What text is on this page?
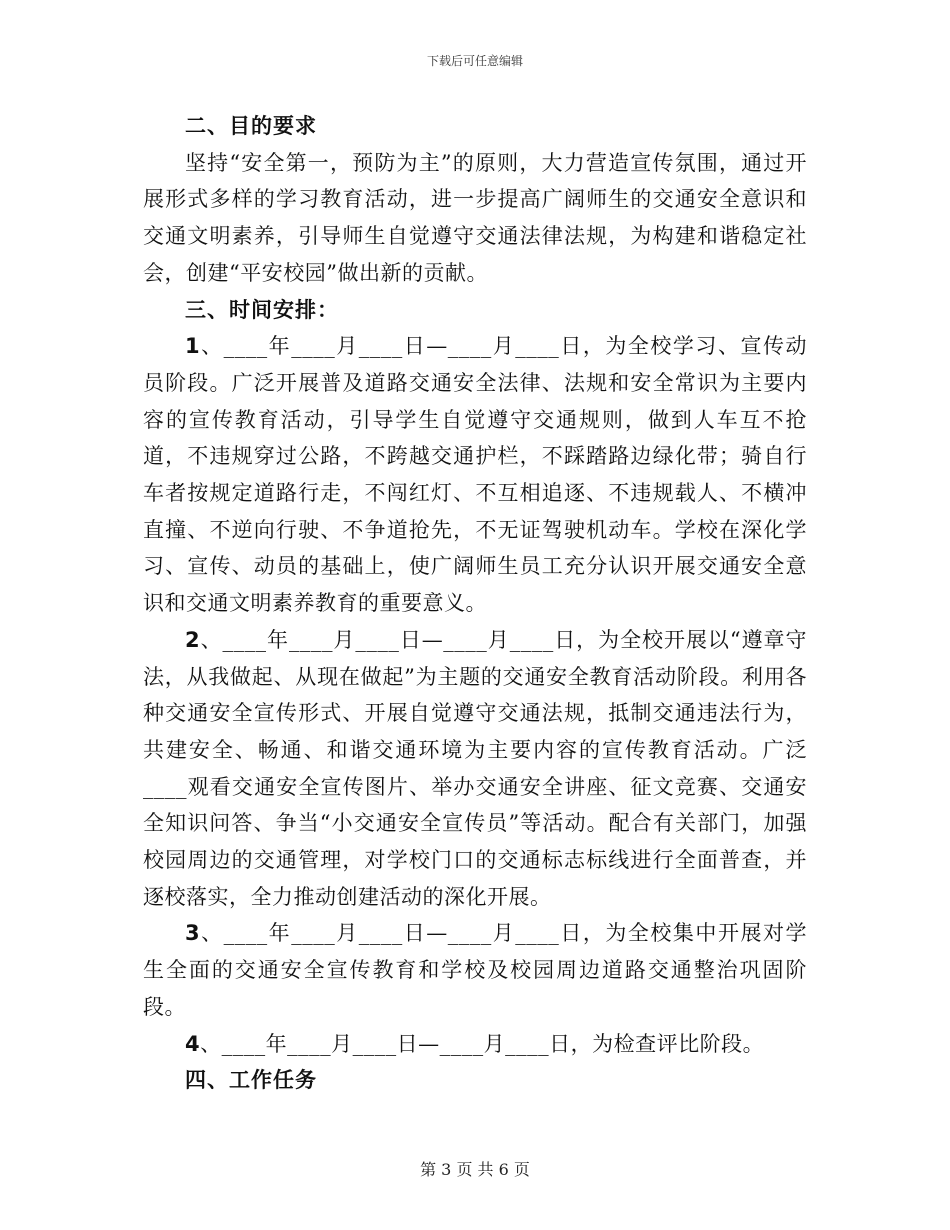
下载后可任意编辑
二、目的要求

坚持“安全第一，预防为主”的原则，大力营造宣传氛围，通过开展形式多样的学习教育活动，进一步提高广阔师生的交通安全意识和交通文明素养，引导师生自觉遵守交通法律法规，为构建和谐稳定社会，创建“平安校园”做出新的贡献。

三、时间安排：

1、____年____月____日—____月____日，为全校学习、宣传动员阶段。广泛开展普及道路交通安全法律、法规和安全常识为主要内容的宣传教育活动，引导学生自觉遵守交通规则，做到人车互不抢道，不违规穿过公路，不跨越交通护栏，不踩踏路边绿化带；骑自行车者按规定道路行走，不闯红灯、不互相追逐、不违规载人、不横冲直撞、不逆向行驶、不争道抢先，不无证驾驶机动车。学校在深化学习、宣传、动员的基础上，使广阔师生员工充分认识开展交通安全意识和交通文明素养教育的重要意义。

2、____年____月____日—____月____日，为全校开展以“遵章守法，从我做起、从现在做起”为主题的交通安全教育活动阶段。利用各种交通安全宣传形式、开展自觉遵守交通法规，抵制交通违法行为，共建安全、畅通、和谐交通环境为主要内容的宣传教育活动。广泛____观看交通安全宣传图片、举办交通安全讲座、征文竞赛、交通安全知识问答、争当“小交通安全宣传员”等活动。配合有关部门，加强校园周边的交通管理，对学校门口的交通标志标线进行全面普查，并逐校落实，全力推动创建活动的深化开展。

3、____年____月____日—____月____日，为全校集中开展对学生全面的交通安全宣传教育和学校及校园周边道路交通整治巩固阶段。

4、____年____月____日—____月____日，为检查评比阶段。

四、工作任务
第 3 页 共 6 页
